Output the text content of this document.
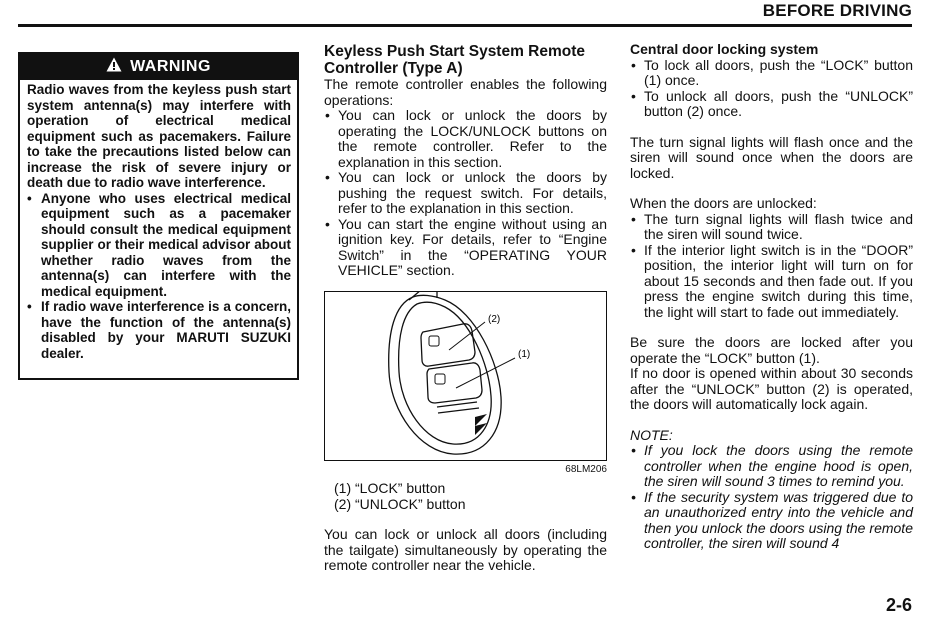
BEFORE DRIVING
WARNING

Radio waves from the keyless push start system antenna(s) may interfere with operation of electrical medical equipment such as pacemakers. Failure to take the precautions listed below can increase the risk of severe injury or death due to radio wave interference.

• Anyone who uses electrical medical equipment such as a pacemaker should consult the medical equipment supplier or their medical advisor about whether radio waves from the antenna(s) can interfere with the medical equipment.
• If radio wave interference is a concern, have the function of the antenna(s) disabled by your MARUTI SUZUKI dealer.
Keyless Push Start System Remote Controller (Type A)

The remote controller enables the following operations:

• You can lock or unlock the doors by operating the LOCK/UNLOCK buttons on the remote controller. Refer to the explanation in this section.
• You can lock or unlock the doors by pushing the request switch. For details, refer to the explanation in this section.
• You can start the engine without using an ignition key. For details, refer to “Engine Switch” in the “OPERATING YOUR VEHICLE” section.
(2)
(1)
68LM206
(1) “LOCK” button
(2) “UNLOCK” button

You can lock or unlock all doors (including the tailgate) simultaneously by operating the remote controller near the vehicle.

Central door locking system

• To lock all doors, push the “LOCK” button (1) once.
• To unlock all doors, push the “UNLOCK” button (2) once.

The turn signal lights will flash once and the siren will sound once when the doors are locked.

When the doors are unlocked:

• The turn signal lights will flash twice and the siren will sound twice.
• If the interior light switch is in the “DOOR” position, the interior light will turn on for about 15 seconds and then fade out. If you press the engine switch during this time, the light will start to fade out immediately.

Be sure the doors are locked after you operate the “LOCK” button (1).

If no door is opened within about 30 seconds after the “UNLOCK” button (2) is operated, the doors will automatically lock again.

NOTE:

• If you lock the doors using the remote controller when the engine hood is open, the siren will sound 3 times to remind you.
• If the security system was triggered due to an unauthorized entry into the vehicle and then you unlock the doors using the remote controller, the siren will sound 4
2-6
